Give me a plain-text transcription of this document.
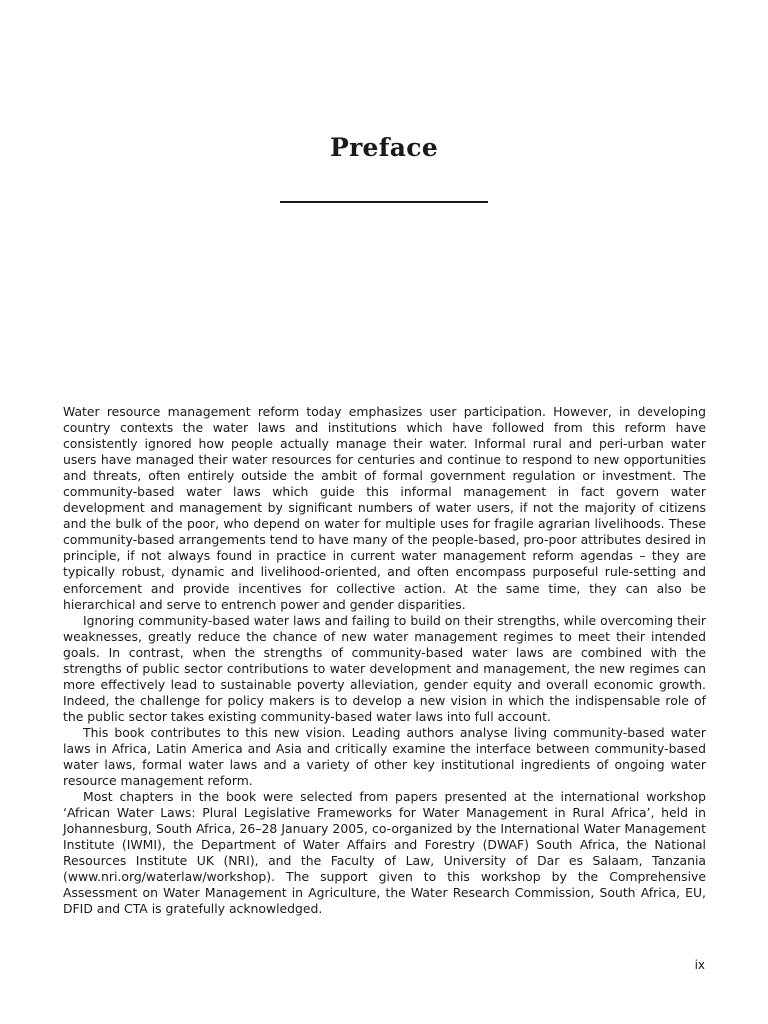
Preface

Water resource management reform today emphasizes user participation. However, in developing country contexts the water laws and institutions which have followed from this reform have consistently ignored how people actually manage their water. Informal rural and peri-urban water users have managed their water resources for centuries and continue to respond to new opportunities and threats, often entirely outside the ambit of formal government regulation or investment. The community-based water laws which guide this informal management in fact govern water development and management by significant numbers of water users, if not the majority of citizens and the bulk of the poor, who depend on water for multiple uses for fragile agrarian livelihoods. These community-based arrangements tend to have many of the people-based, pro-poor attributes desired in principle, if not always found in practice in current water management reform agendas – they are typically robust, dynamic and livelihood-oriented, and often encompass purposeful rule-setting and enforcement and provide incentives for collective action. At the same time, they can also be hierarchical and serve to entrench power and gender disparities.

Ignoring community-based water laws and failing to build on their strengths, while overcoming their weaknesses, greatly reduce the chance of new water management regimes to meet their intended goals. In contrast, when the strengths of community-based water laws are combined with the strengths of public sector contributions to water development and management, the new regimes can more effectively lead to sustainable poverty alleviation, gender equity and overall economic growth. Indeed, the challenge for policy makers is to develop a new vision in which the indispensable role of the public sector takes existing community-based water laws into full account.

This book contributes to this new vision. Leading authors analyse living community-based water laws in Africa, Latin America and Asia and critically examine the interface between community-based water laws, formal water laws and a variety of other key institutional ingredients of ongoing water resource management reform.

Most chapters in the book were selected from papers presented at the international workshop ‘African Water Laws: Plural Legislative Frameworks for Water Management in Rural Africa’, held in Johannesburg, South Africa, 26–28 January 2005, co-organized by the International Water Management Institute (IWMI), the Department of Water Affairs and Forestry (DWAF) South Africa, the National Resources Institute UK (NRI), and the Faculty of Law, University of Dar es Salaam, Tanzania (www.nri.org/waterlaw/workshop). The support given to this workshop by the Comprehensive Assessment on Water Management in Agriculture, the Water Research Commission, South Africa, EU, DFID and CTA is gratefully acknowledged.

ix
